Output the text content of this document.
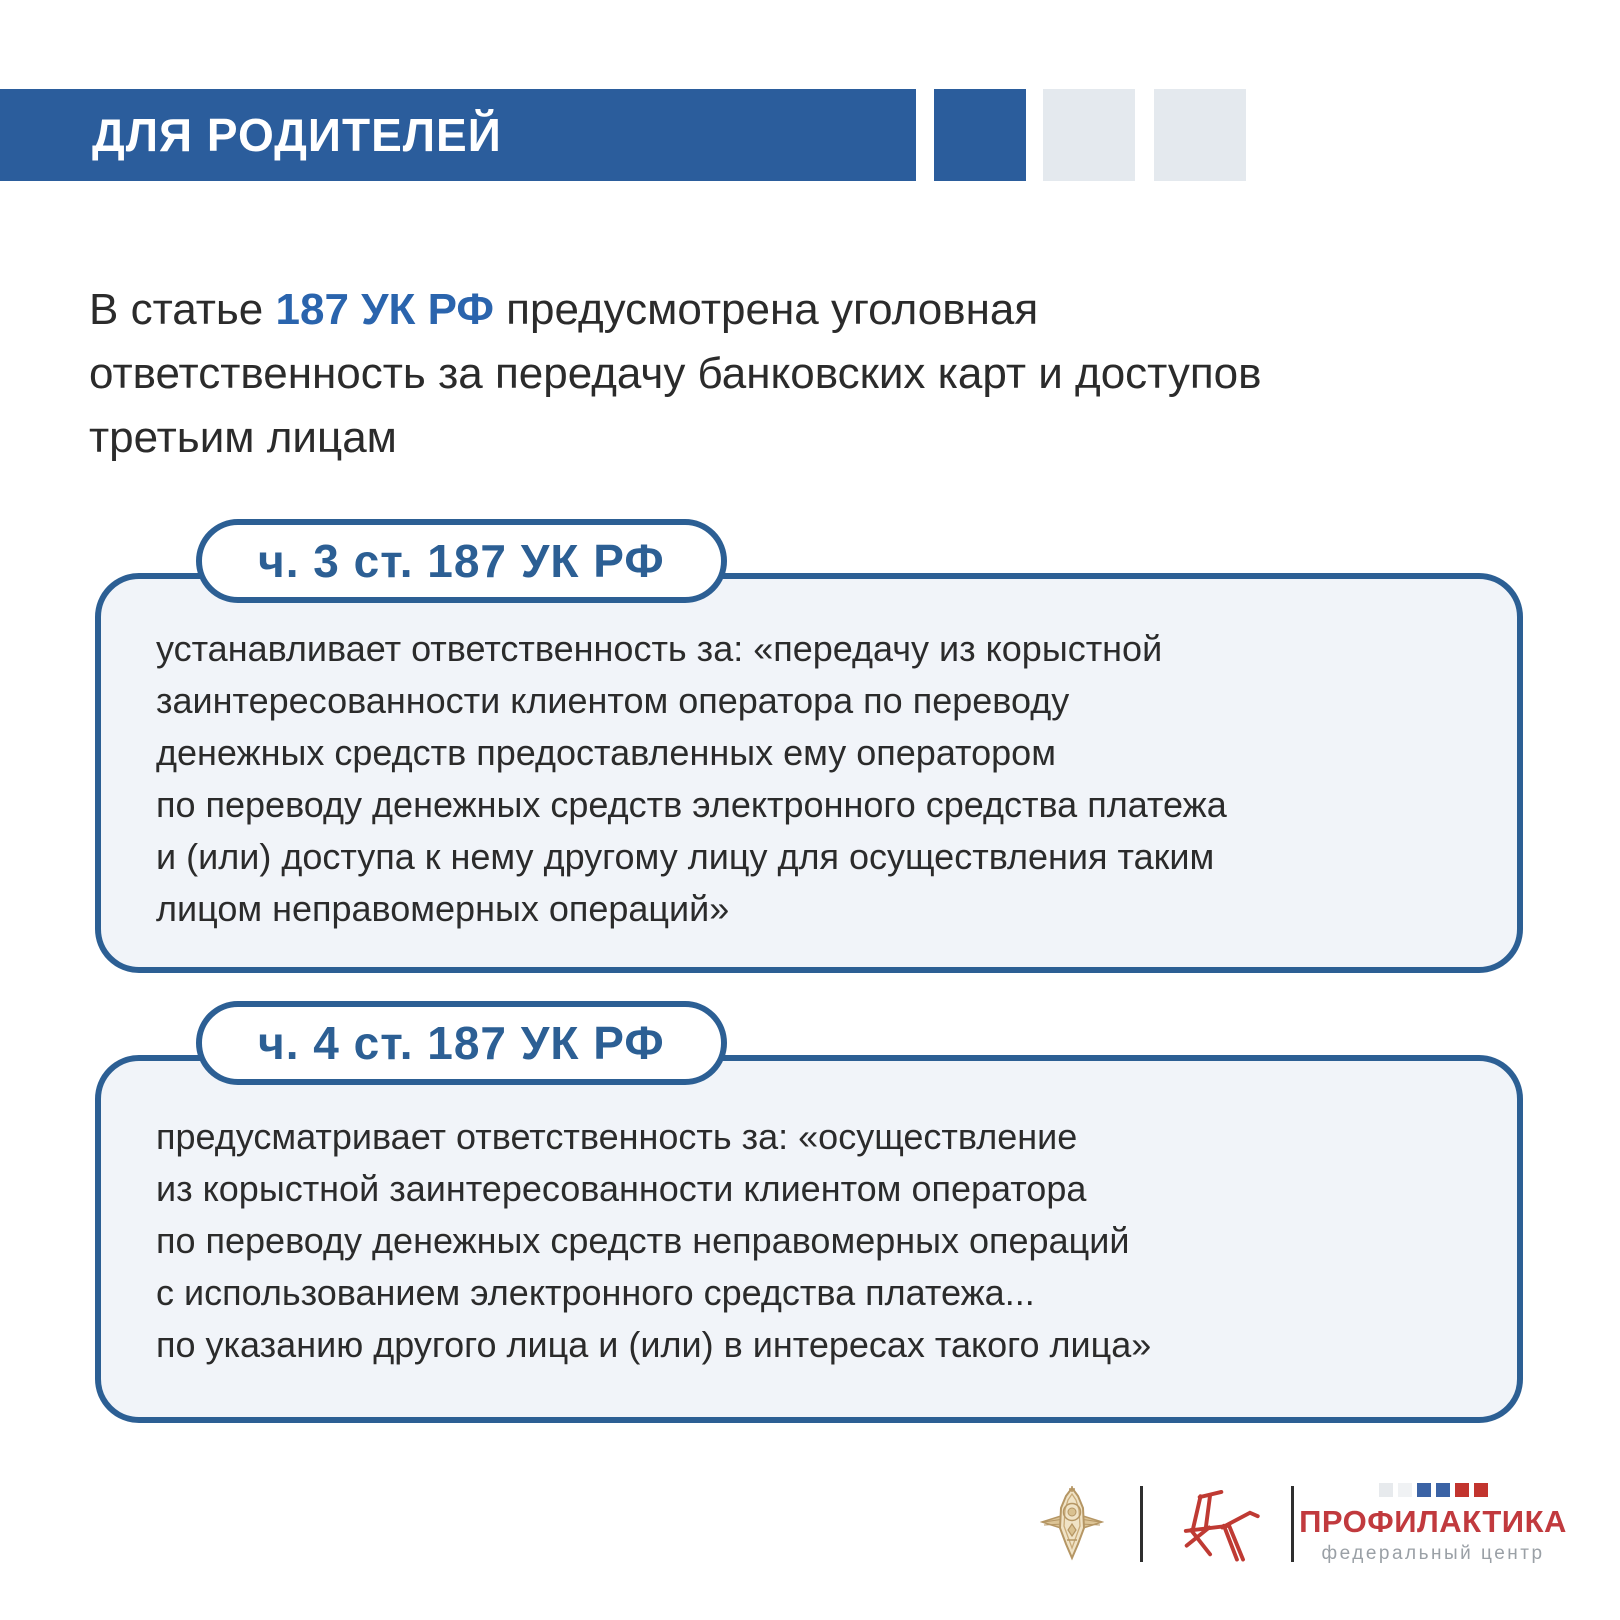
ДЛЯ РОДИТЕЛЕЙ
В статье 187 УК РФ предусмотрена уголовная
ответственность за передачу банковских карт и доступов
третьим лицам
ч. 3 ст. 187 УК РФ
устанавливает ответственность за: «передачу из корыстной
заинтересованности клиентом оператора по переводу
денежных средств предоставленных ему оператором
по переводу денежных средств электронного средства платежа
и (или) доступа к нему другому лицу для осуществления таким
лицом неправомерных операций»
ч. 4 ст. 187 УК РФ
предусматривает ответственность за: «осуществление
из корыстной заинтересованности клиентом оператора
по переводу денежных средств неправомерных операций
с использованием электронного средства платежа...
по указанию другого лица и (или) в интересах такого лица»
ПРОФИЛАКТИКА
федеральный центр
